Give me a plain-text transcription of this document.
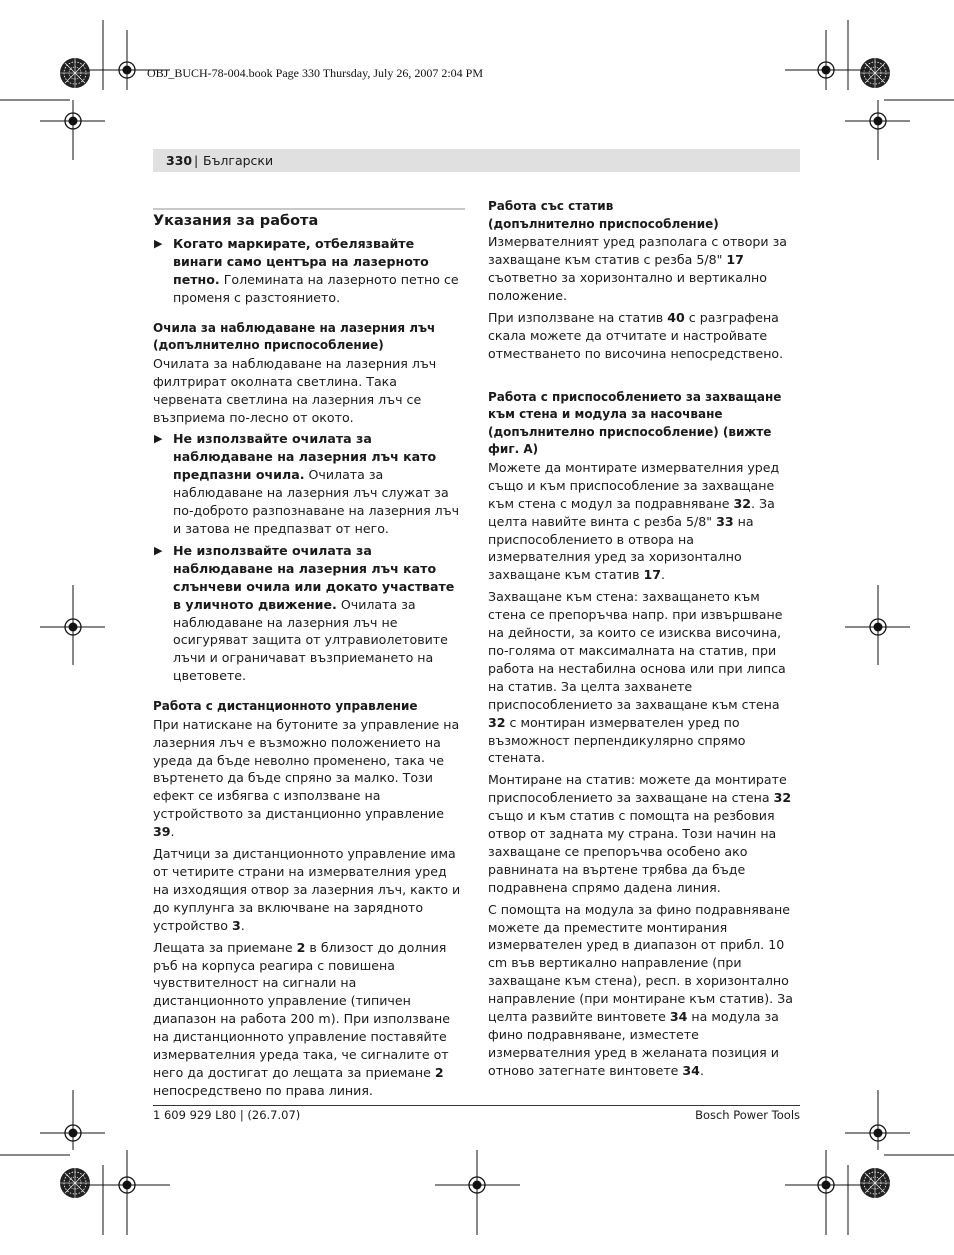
OBJ_BUCH-78-004.book Page 330 Thursday, July 26, 2007 2:04 PM
330 | Български
Указания за работа
▶ Когато маркирате, отбелязвайте винаги само центъра на лазерното петно. Големината на лазерното петно се променя с разстоянието.
Очила за наблюдаване на лазерния лъч
(допълнително приспособление)

Очилата за наблюдаване на лазерния лъч филтрират околната светлина. Така червената светлина на лазерния лъч се възприема по-лесно от окото.

▶ Не използвайте очилата за наблюдаване на лазерния лъч като предпазни очила. Очилата за наблюдаване на лазерния лъч служат за по-доброто разпознаване на лазерния лъч и затова не предпазват от него.
▶ Не използвайте очилата за наблюдаване на лазерния лъч като слънчеви очила или докато участвате в уличното движение. Очилата за наблюдаване на лазерния лъч не осигуряват защита от ултравиолетовите лъчи и ограничават възприемането на цветовете.
Работа с дистанционното управление

При натискане на бутоните за управление на лазерния лъч е възможно положението на уреда да бъде неволно променено, така че въртенето да бъде спряно за малко. Този ефект се избягва с използване на устройството за дистанционно управление 39.

Датчици за дистанционното управление има от четирите страни на измервателния уред на изходящия отвор за лазерния лъч, както и до куплунга за включване на зарядното устройство 3.

Лещата за приемане 2 в близост до долния ръб на корпуса реагира с повишена чувствителност на сигнали на дистанционното управление (типичен диапазон на работа 200 m). При използване на дистанционното управление поставяйте измервателния уреда така, че сигналите от него да достигат до лещата за приемане 2 непосредствено по права линия.

Работа със статив
(допълнително приспособление)

Измервателният уред разполага с отвори за захващане към статив с резба 5/8" 17 съответно за хоризонтално и вертикално положение.

При използване на статив 40 с разграфена скала можете да отчитате и настройвате отместването по височина непосредствено.

Работа с приспособлението за захващане
към стена и модула за насочване (допълнително приспособление) (вижте фиг. A)

Можете да монтирате измервателния уред също и към приспособление за захващане към стена с модул за подравняване 32. За целта навийте винта с резба 5/8" 33 на приспособлението в отвора на измервателния уред за хоризонтално захващане към статив 17.

Захващане към стена: захващането към стена се препоръчва напр. при извършване на дейности, за които се изисква височина, по-голяма от максималната на статив, при работа на нестабилна основа или при липса на статив. За целта захванете приспособлението за захващане към стена 32 с монтиран измервателен уред по възможност перпендикулярно спрямо стената.

Монтиране на статив: можете да монтирате приспособлението за захващане на стена 32 също и към статив с помощта на резбовия отвор от задната му страна. Този начин на захващане се препоръчва особено ако равнината на въртене трябва да бъде подравнена спрямо дадена линия.

С помощта на модула за фино подравняване можете да преместите монтирания измервателен уред в диапазон от прибл. 10 cm във вертикално направление (при захващане към стена), респ. в хоризонтално направление (при монтиране към статив). За целта развийте винтовете 34 на модула за фино подравняване, изместете измервателния уред в желаната позиция и отново затегнате винтовете 34.

1 609 929 L80 | (26.7.07)	Bosch Power Tools
